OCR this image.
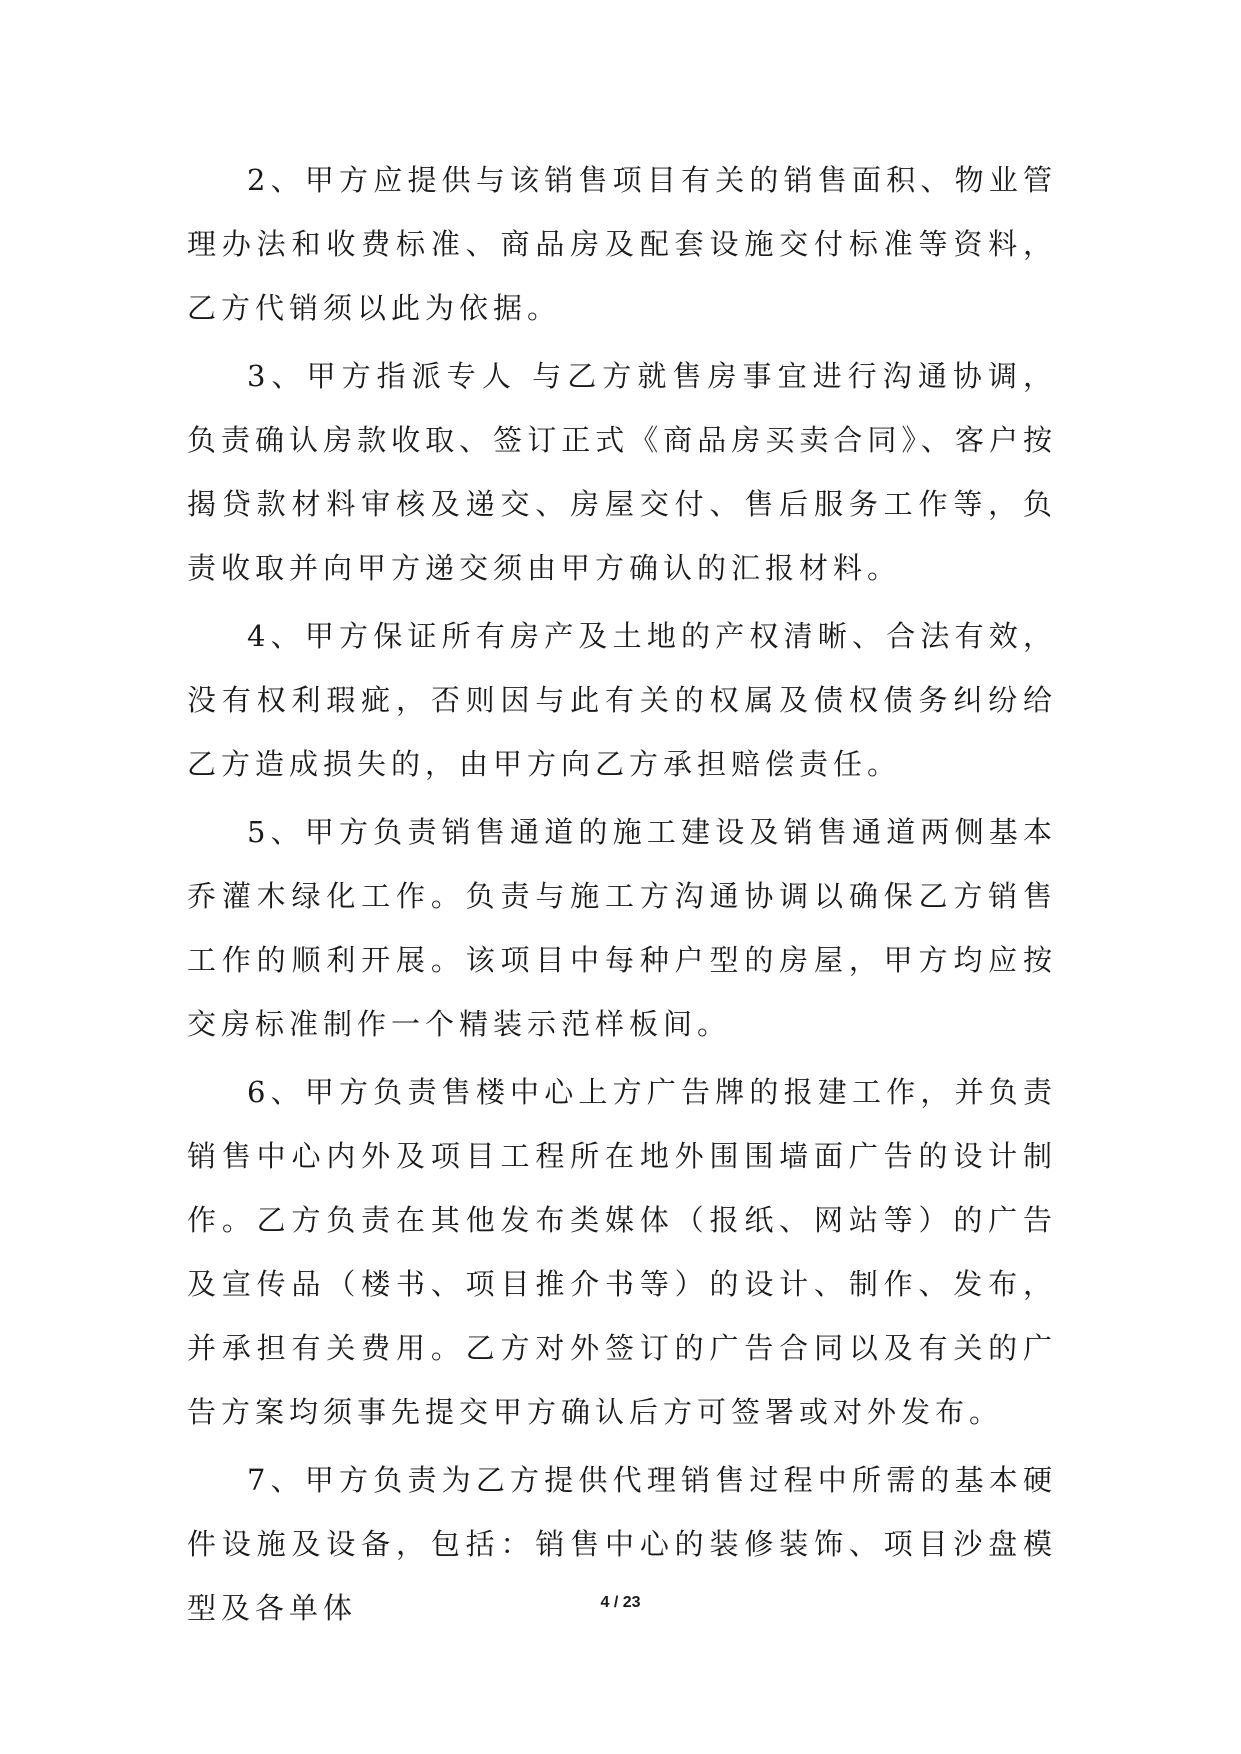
2、甲方应提供与该销售项目有关的销售面积、物业管理办法和收费标准、商品房及配套设施交付标准等资料，乙方代销须以此为依据。

3、甲方指派专人 与乙方就售房事宜进行沟通协调，负责确认房款收取、签订正式《商品房买卖合同》、客户按揭贷款材料审核及递交、房屋交付、售后服务工作等，负责收取并向甲方递交须由甲方确认的汇报材料。

4、甲方保证所有房产及土地的产权清晰、合法有效，没有权利瑕疵，否则因与此有关的权属及债权债务纠纷给乙方造成损失的，由甲方向乙方承担赔偿责任。

5、甲方负责销售通道的施工建设及销售通道两侧基本乔灌木绿化工作。负责与施工方沟通协调以确保乙方销售工作的顺利开展。该项目中每种户型的房屋，甲方均应按交房标准制作一个精装示范样板间。

6、甲方负责售楼中心上方广告牌的报建工作，并负责销售中心内外及项目工程所在地外围围墙面广告的设计制作。乙方负责在其他发布类媒体（报纸、网站等）的广告及宣传品（楼书、项目推介书等）的设计、制作、发布，并承担有关费用。乙方对外签订的广告合同以及有关的广告方案均须事先提交甲方确认后方可签署或对外发布。

7、甲方负责为乙方提供代理销售过程中所需的基本硬件设施及设备，包括：销售中心的装修装饰、项目沙盘模型及各单体	4 / 23
